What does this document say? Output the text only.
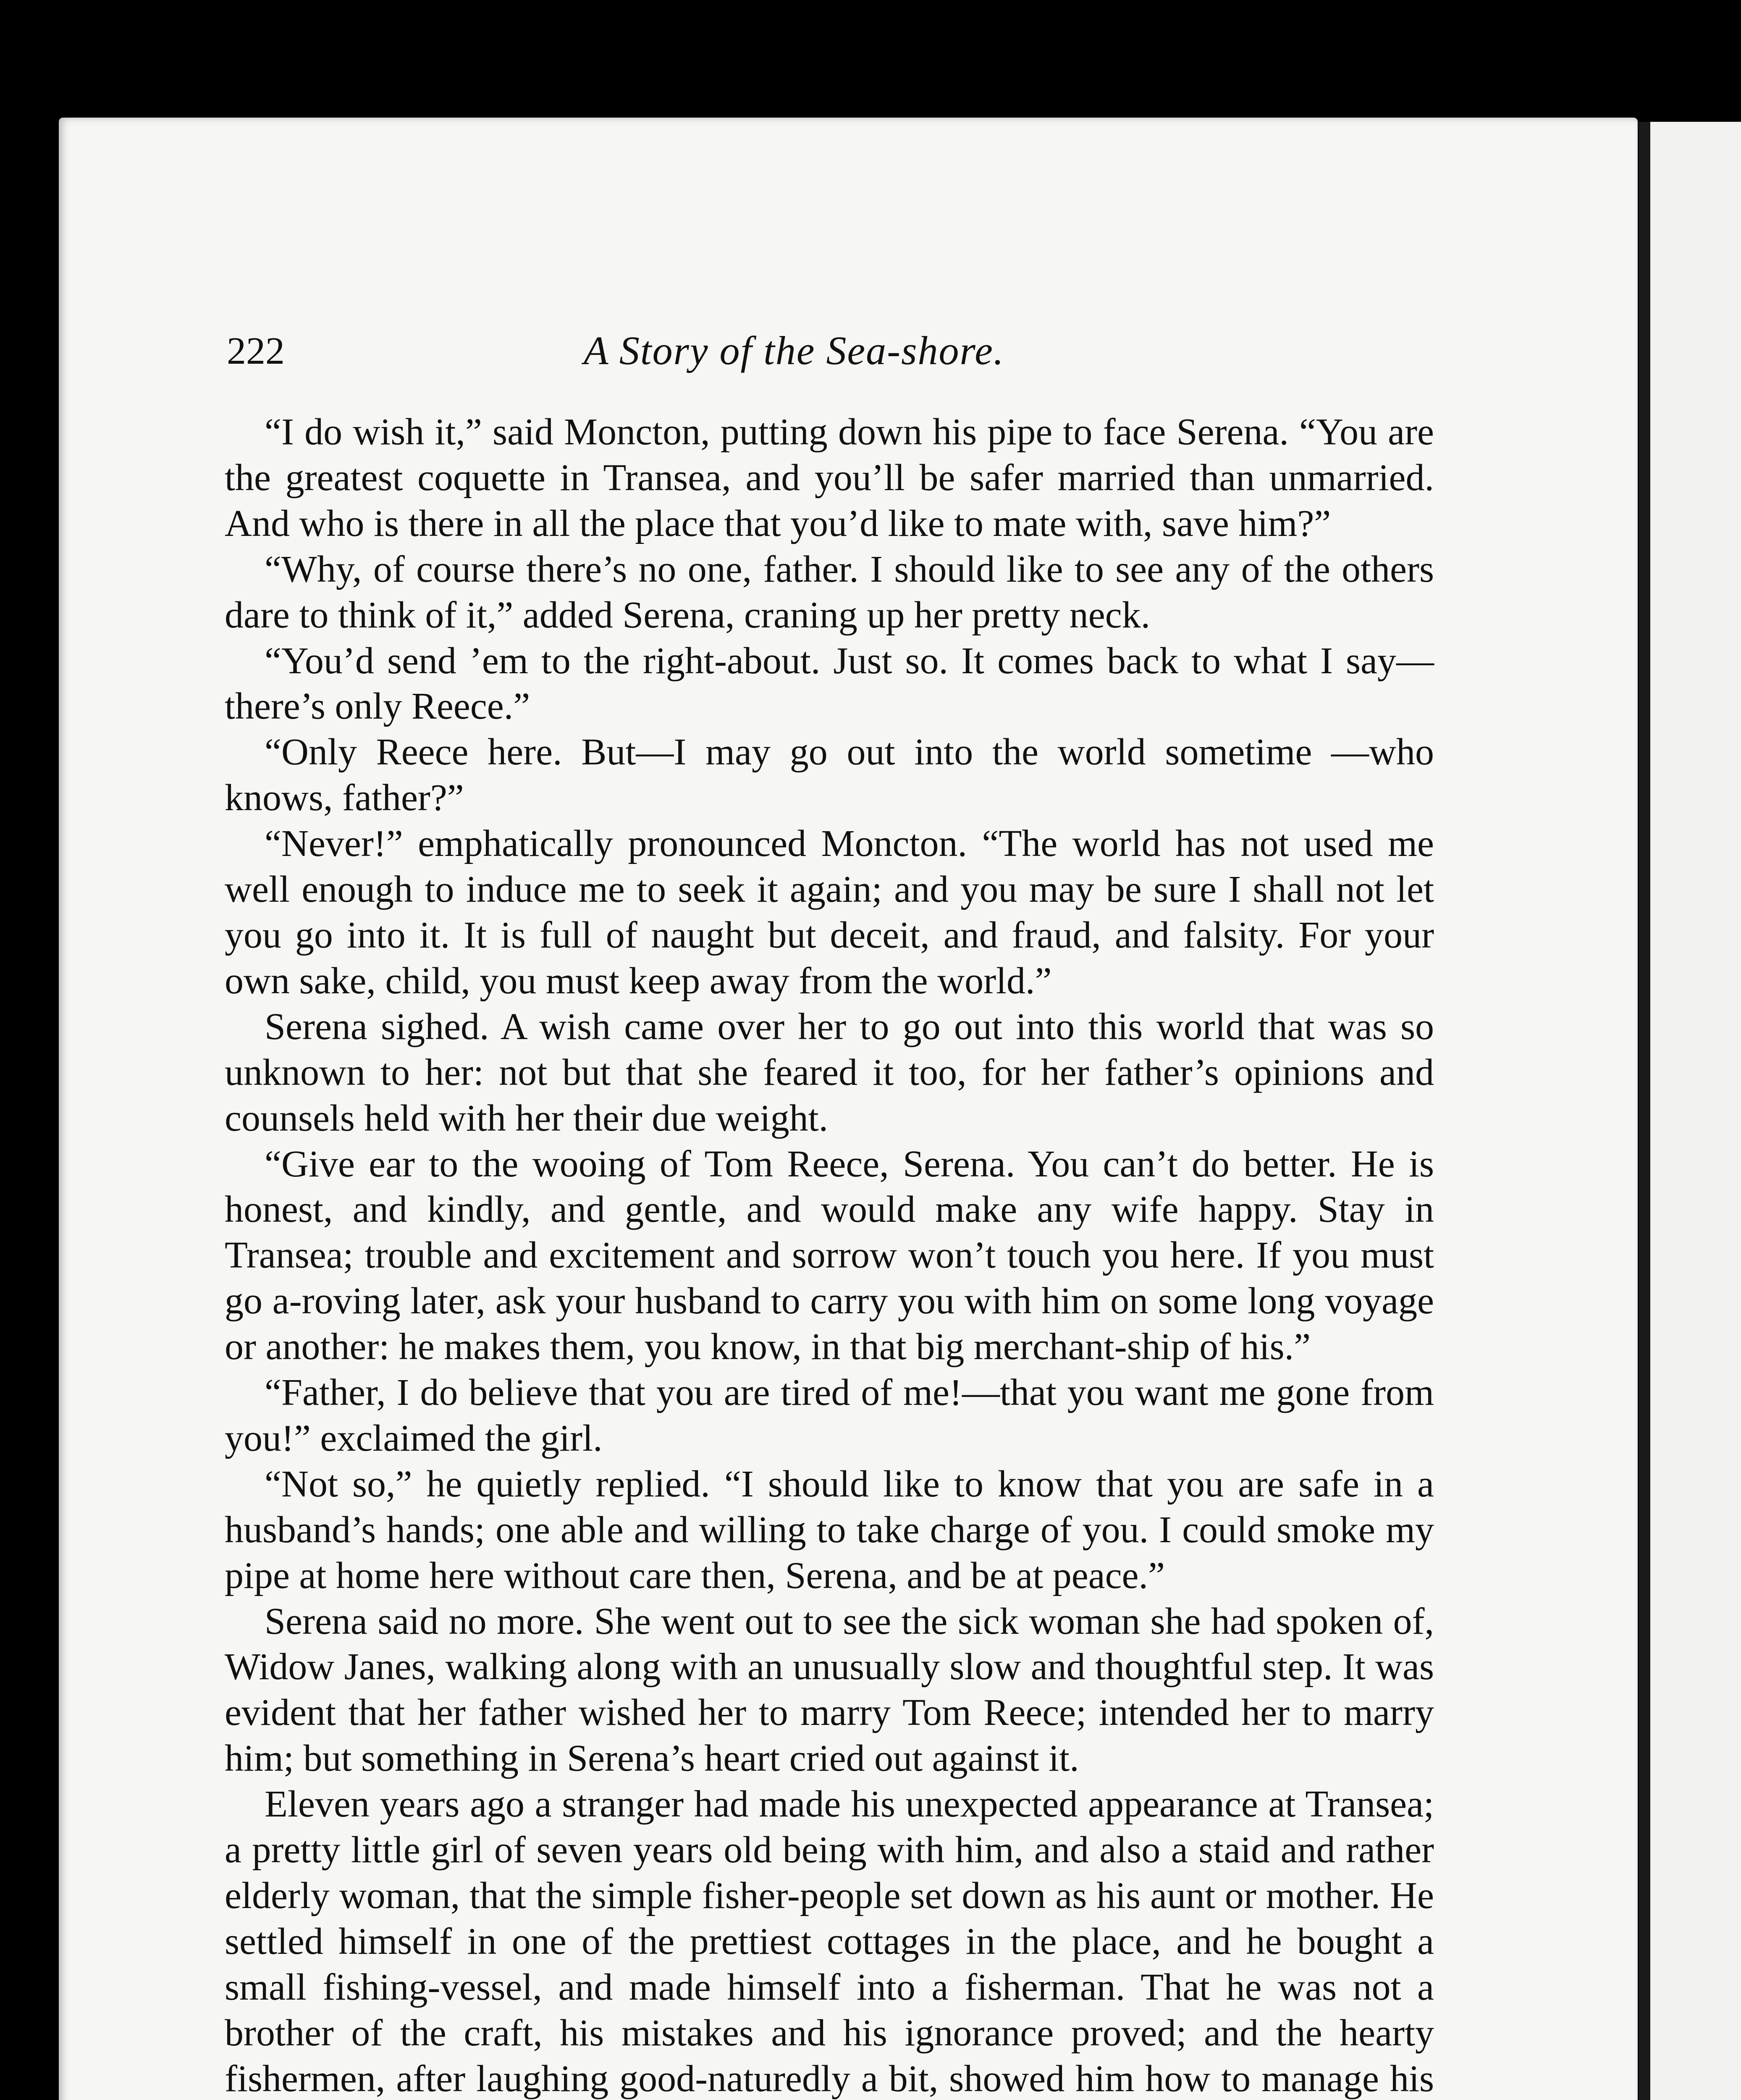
222	A Story of the Sea-shore.

“I do wish it,” said Moncton, putting down his pipe to face Serena. “You are the greatest coquette in Transea, and you’ll be safer married than unmarried. And who is there in all the place that you’d like to mate with, save him?”

“Why, of course there’s no one, father. I should like to see any of the others dare to think of it,” added Serena, craning up her pretty neck.

“You’d send ’em to the right-about. Just so. It comes back to what I say—there’s only Reece.”

“Only Reece here. But—I may go out into the world sometime —who knows, father?”

“Never!” emphatically pronounced Moncton. “The world has not used me well enough to induce me to seek it again; and you may be sure I shall not let you go into it. It is full of naught but deceit, and fraud, and falsity. For your own sake, child, you must keep away from the world.”

Serena sighed. A wish came over her to go out into this world that was so unknown to her: not but that she feared it too, for her father’s opinions and counsels held with her their due weight.

“Give ear to the wooing of Tom Reece, Serena. You can’t do better. He is honest, and kindly, and gentle, and would make any wife happy. Stay in Transea; trouble and excitement and sorrow won’t touch you here. If you must go a-roving later, ask your husband to carry you with him on some long voyage or another: he makes them, you know, in that big merchant-ship of his.”

“Father, I do believe that you are tired of me!—that you want me gone from you!” exclaimed the girl.

“Not so,” he quietly replied. “I should like to know that you are safe in a husband’s hands; one able and willing to take charge of you. I could smoke my pipe at home here without care then, Serena, and be at peace.”

Serena said no more. She went out to see the sick woman she had spoken of, Widow Janes, walking along with an unusually slow and thoughtful step. It was evident that her father wished her to marry Tom Reece; intended her to marry him; but something in Serena’s heart cried out against it.

Eleven years ago a stranger had made his unexpected appearance at Transea; a pretty little girl of seven years old being with him, and also a staid and rather elderly woman, that the simple fisher-people set down as his aunt or mother. He settled himself in one of the prettiest cottages in the place, and he bought a small fishing-vessel, and made himself into a fisherman. That he was not a brother of the craft, his mistakes and his ignorance proved; and the hearty fishermen, after laughing good-naturedly a bit, showed him how to manage his
